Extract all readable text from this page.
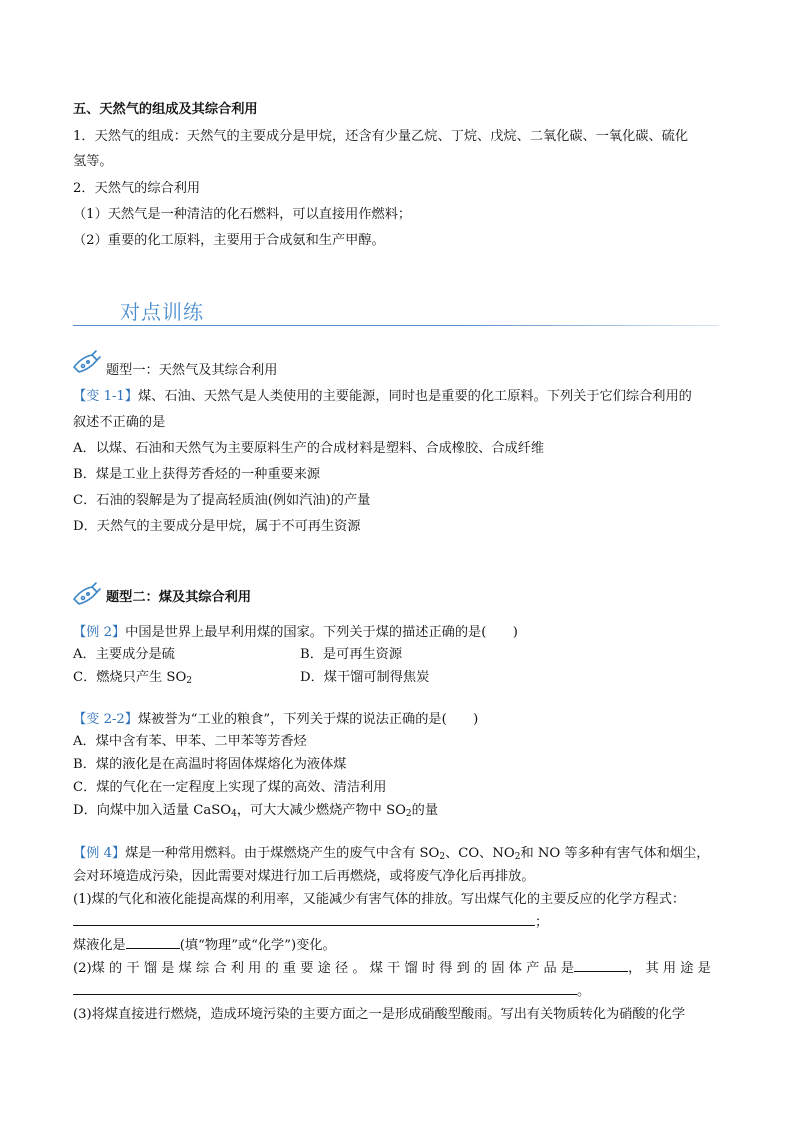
五、天然气的组成及其综合利用
1．天然气的组成：天然气的主要成分是甲烷，还含有少量乙烷、丁烷、戊烷、二氧化碳、一氧化碳、硫化
氢等。
2．天然气的综合利用
（1）天然气是一种清洁的化石燃料，可以直接用作燃料；
（2）重要的化工原料，主要用于合成氨和生产甲醇。
对点训练
题型一：天然气及其综合利用
【变 1-1】煤、石油、天然气是人类使用的主要能源，同时也是重要的化工原料。下列关于它们综合利用的
叙述不正确的是
A．以煤、石油和天然气为主要原料生产的合成材料是塑料、合成橡胶、合成纤维
B．煤是工业上获得芳香烃的一种重要来源
C．石油的裂解是为了提高轻质油(例如汽油)的产量
D．天然气的主要成分是甲烷，属于不可再生资源
题型二：煤及其综合利用
【例 2】中国是世界上最早利用煤的国家。下列关于煤的描述正确的是(　　)
A．主要成分是硫	B．是可再生资源
C．燃烧只产生 $SO_2$	D．煤干馏可制得焦炭
【变 2-2】煤被誉为“工业的粮食”，下列关于煤的说法正确的是(　　)
A．煤中含有苯、甲苯、二甲苯等芳香烃
B．煤的液化是在高温时将固体煤熔化为液体煤
C．煤的气化在一定程度上实现了煤的高效、清洁利用
D．向煤中加入适量 CaSO$_4$，可大大减少燃烧产物中 $SO_2$的量
【例 4】煤是一种常用燃料。由于煤燃烧产生的废气中含有 $SO_2$、CO、$NO_2$和 NO 等多种有害气体和烟尘，
会对环境造成污染，因此需要对煤进行加工后再燃烧，或将废气净化后再排放。
(1)煤的气化和液化能提高煤的利用率，又能减少有害气体的排放。写出煤气化的主要反应的化学方程式：
；
煤液化是	(填“物理”或“化学”)变化。
(2)煤 的 干 馏 是 煤 综 合 利 用 的 重 要 途 径 。 煤 干 馏 时 得 到 的 固 体 产 品 是	， 其 用 途 是
。
(3)将煤直接进行燃烧，造成环境污染的主要方面之一是形成硝酸型酸雨。写出有关物质转化为硝酸的化学
